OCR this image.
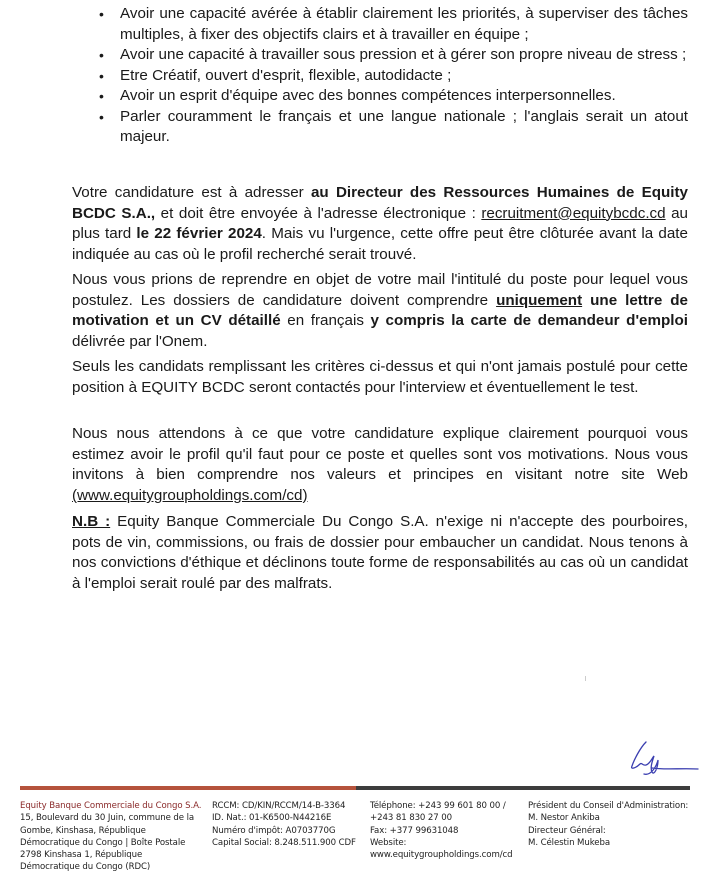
• Avoir une capacité avérée à établir clairement les priorités, à superviser des tâches multiples, à fixer des objectifs clairs et à travailler en équipe ;
• Avoir une capacité à travailler sous pression et à gérer son propre niveau de stress ;
• Etre Créatif, ouvert d'esprit, flexible, autodidacte ;
• Avoir un esprit d'équipe avec des bonnes compétences interpersonnelles.
• Parler couramment le français et une langue nationale ; l'anglais serait un atout majeur.

Votre candidature est à adresser au Directeur des Ressources Humaines de Equity BCDC S.A., et doit être envoyée à l'adresse électronique : recruitment@equitybcdc.cd au plus tard le 22 février 2024. Mais vu l'urgence, cette offre peut être clôturée avant la date indiquée au cas où le profil recherché serait trouvé.

Nous vous prions de reprendre en objet de votre mail l'intitulé du poste pour lequel vous postulez. Les dossiers de candidature doivent comprendre uniquement une lettre de motivation et un CV détaillé en français y compris la carte de demandeur d'emploi délivrée par l'Onem.

Seuls les candidats remplissant les critères ci-dessus et qui n'ont jamais postulé pour cette position à EQUITY BCDC seront contactés pour l'interview et éventuellement le test.

Nous nous attendons à ce que votre candidature explique clairement pourquoi vous estimez avoir le profil qu'il faut pour ce poste et quelles sont vos motivations. Nous vous invitons à bien comprendre nos valeurs et principes en visitant notre site Web (www.equitygroupholdings.com/cd)

N.B : Equity Banque Commerciale Du Congo S.A. n'exige ni n'accepte des pourboires, pots de vin, commissions, ou frais de dossier pour embaucher un candidat. Nous tenons à nos convictions d'éthique et déclinons toute forme de responsabilités au cas où un candidat à l'emploi serait roulé par des malfrats.

Equity Banque Commerciale du Congo S.A.
15, Boulevard du 30 Juin, commune de la
Gombe, Kinshasa, République
Démocratique du Congo | Boîte Postale
2798 Kinshasa 1, République
Démocratique du Congo (RDC)
RCCM: CD/KIN/RCCM/14-B-3364
ID. Nat.: 01-K6500-N44216E
Numéro d'impôt: A0703770G
Capital Social: 8.248.511.900 CDF
Téléphone: +243 99 601 80 00 /
+243 81 830 27 00
Fax: +377 99631048
Website:
www.equitygroupholdings.com/cd
Président du Conseil d'Administration:
M. Nestor Ankiba
Directeur Général:
M. Célestin Mukeba
